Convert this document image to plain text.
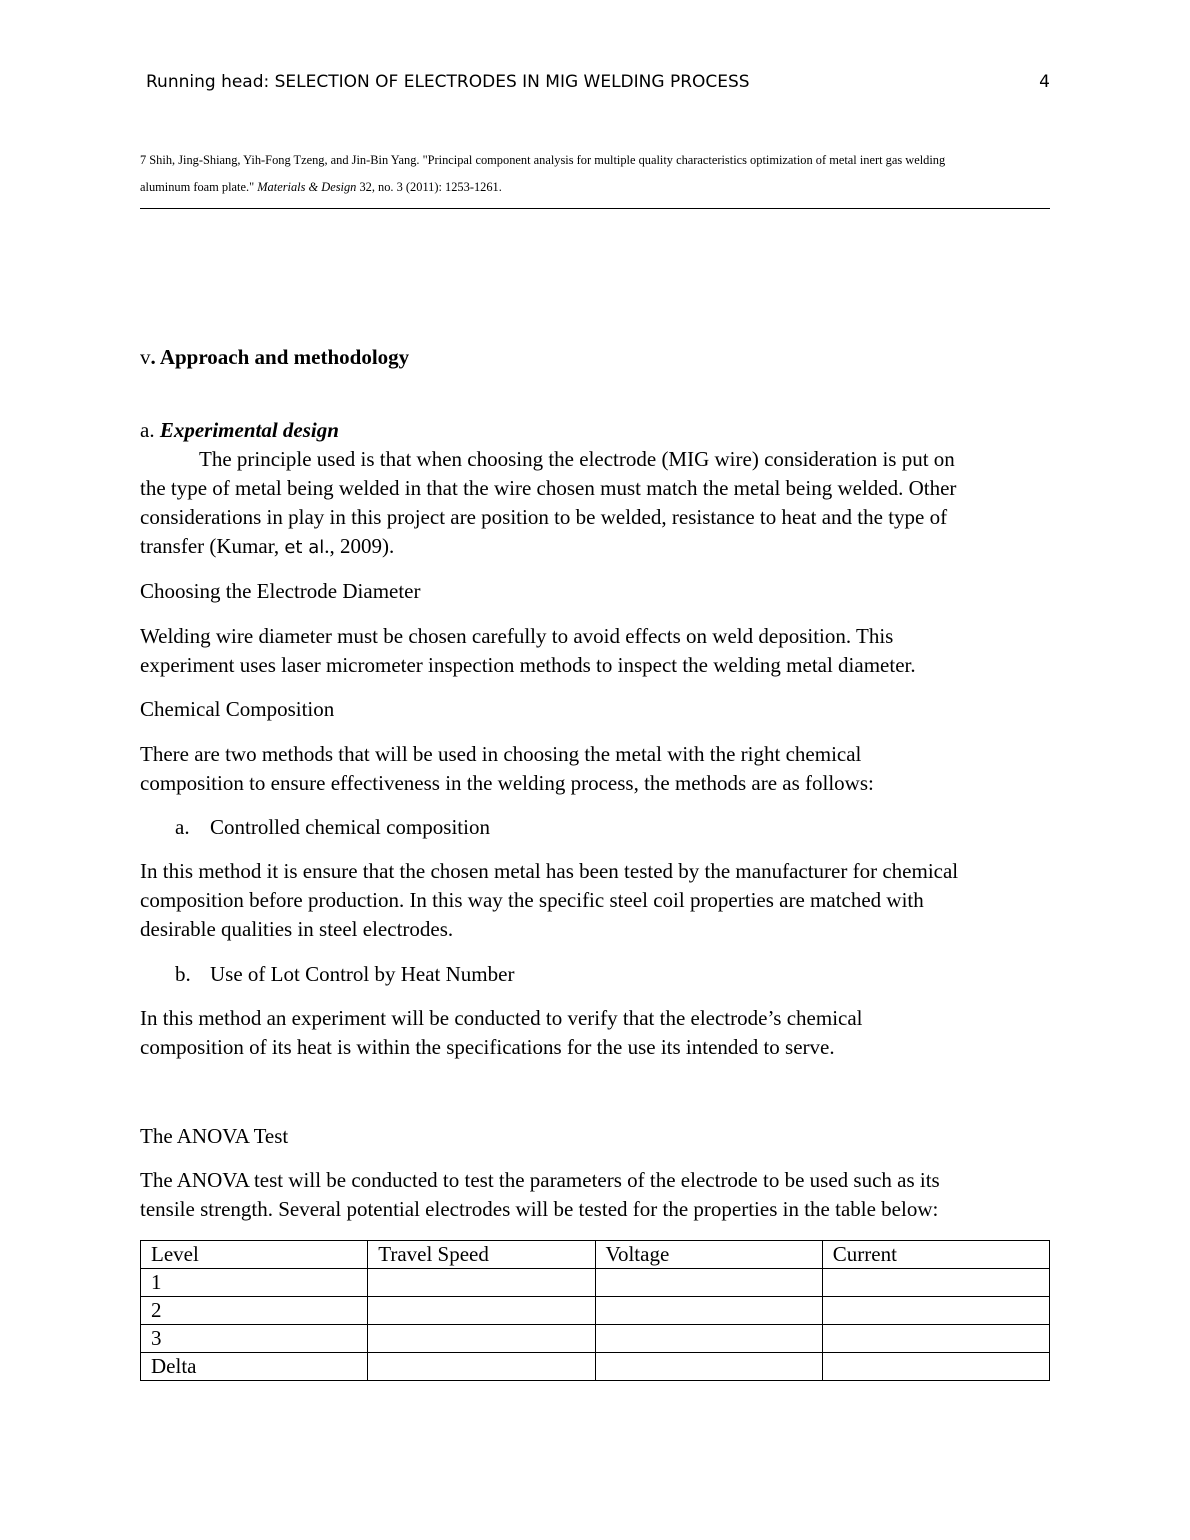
Running head: SELECTION OF ELECTRODES IN MIG WELDING PROCESS	4
7 Shih, Jing-Shiang, Yih-Fong Tzeng, and Jin-Bin Yang. "Principal component analysis for multiple quality characteristics optimization of metal inert gas welding
aluminum foam plate." Materials & Design 32, no. 3 (2011): 1253-1261.
v. Approach and methodology
a. Experimental design
The principle used is that when choosing the electrode (MIG wire) consideration is put on
the type of metal being welded in that the wire chosen must match the metal being welded. Other
considerations in play in this project are position to be welded, resistance to heat and the type of
transfer (Kumar, et al., 2009).
Choosing the Electrode Diameter
Welding wire diameter must be chosen carefully to avoid effects on weld deposition. This
experiment uses laser micrometer inspection methods to inspect the welding metal diameter.
Chemical Composition
There are two methods that will be used in choosing the metal with the right chemical
composition to ensure effectiveness in the welding process, the methods are as follows:
a. Controlled chemical composition
In this method it is ensure that the chosen metal has been tested by the manufacturer for chemical
composition before production. In this way the specific steel coil properties are matched with
desirable qualities in steel electrodes.
b. Use of Lot Control by Heat Number
In this method an experiment will be conducted to verify that the electrode’s chemical
composition of its heat is within the specifications for the use its intended to serve.
The ANOVA Test
The ANOVA test will be conducted to test the parameters of the electrode to be used such as its
tensile strength. Several potential electrodes will be tested for the properties in the table below:
Level	Travel Speed	Voltage	Current
1			
2			
3			
Delta			
